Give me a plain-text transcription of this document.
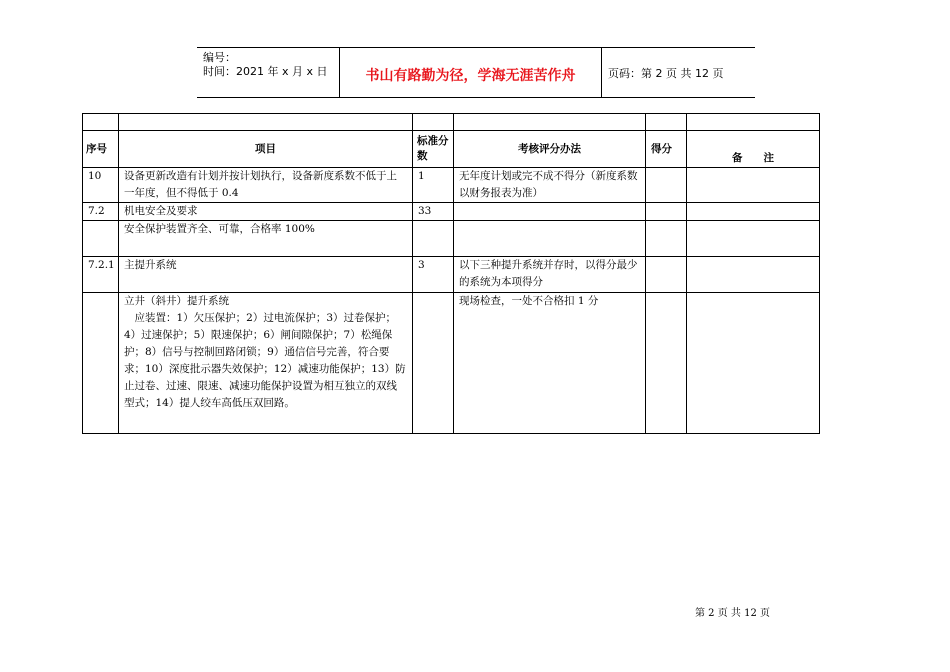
编号：
时间：2021 年 x 月 x 日	书山有路勤为径，学海无涯苦作舟	页码：第 2 页 共 12 页

序号	项目	标准分数	考核评分办法	得分	备　　注
10	设备更新改造有计划并按计划执行，设备新度系数不低于上一年度，但不得低于 0.4	1	无年度计划或完不成不得分（新度系数以财务报表为准）		
7.2	机电安全及要求	33			
	安全保护装置齐全、可靠，合格率 100%				
7.2.1	主提升系统	3	以下三种提升系统并存时，以得分最少的系统为本项得分		

	立井（斜井）提升系统
　应装置：1）欠压保护；2）过电流保护；3）过卷保护；4）过速保护；5）限速保护；6）闸间隙保护；7）松绳保护；8）信号与控制回路闭锁；9）通信信号完善，符合要求；10）深度批示器失效保护；12）减速功能保护；13）防止过卷、过速、限速、减速功能保护设置为相互独立的双线型式；14）提人绞车高低压双回路。		现场检查，一处不合格扣 1 分		
第 2 页 共 12 页
